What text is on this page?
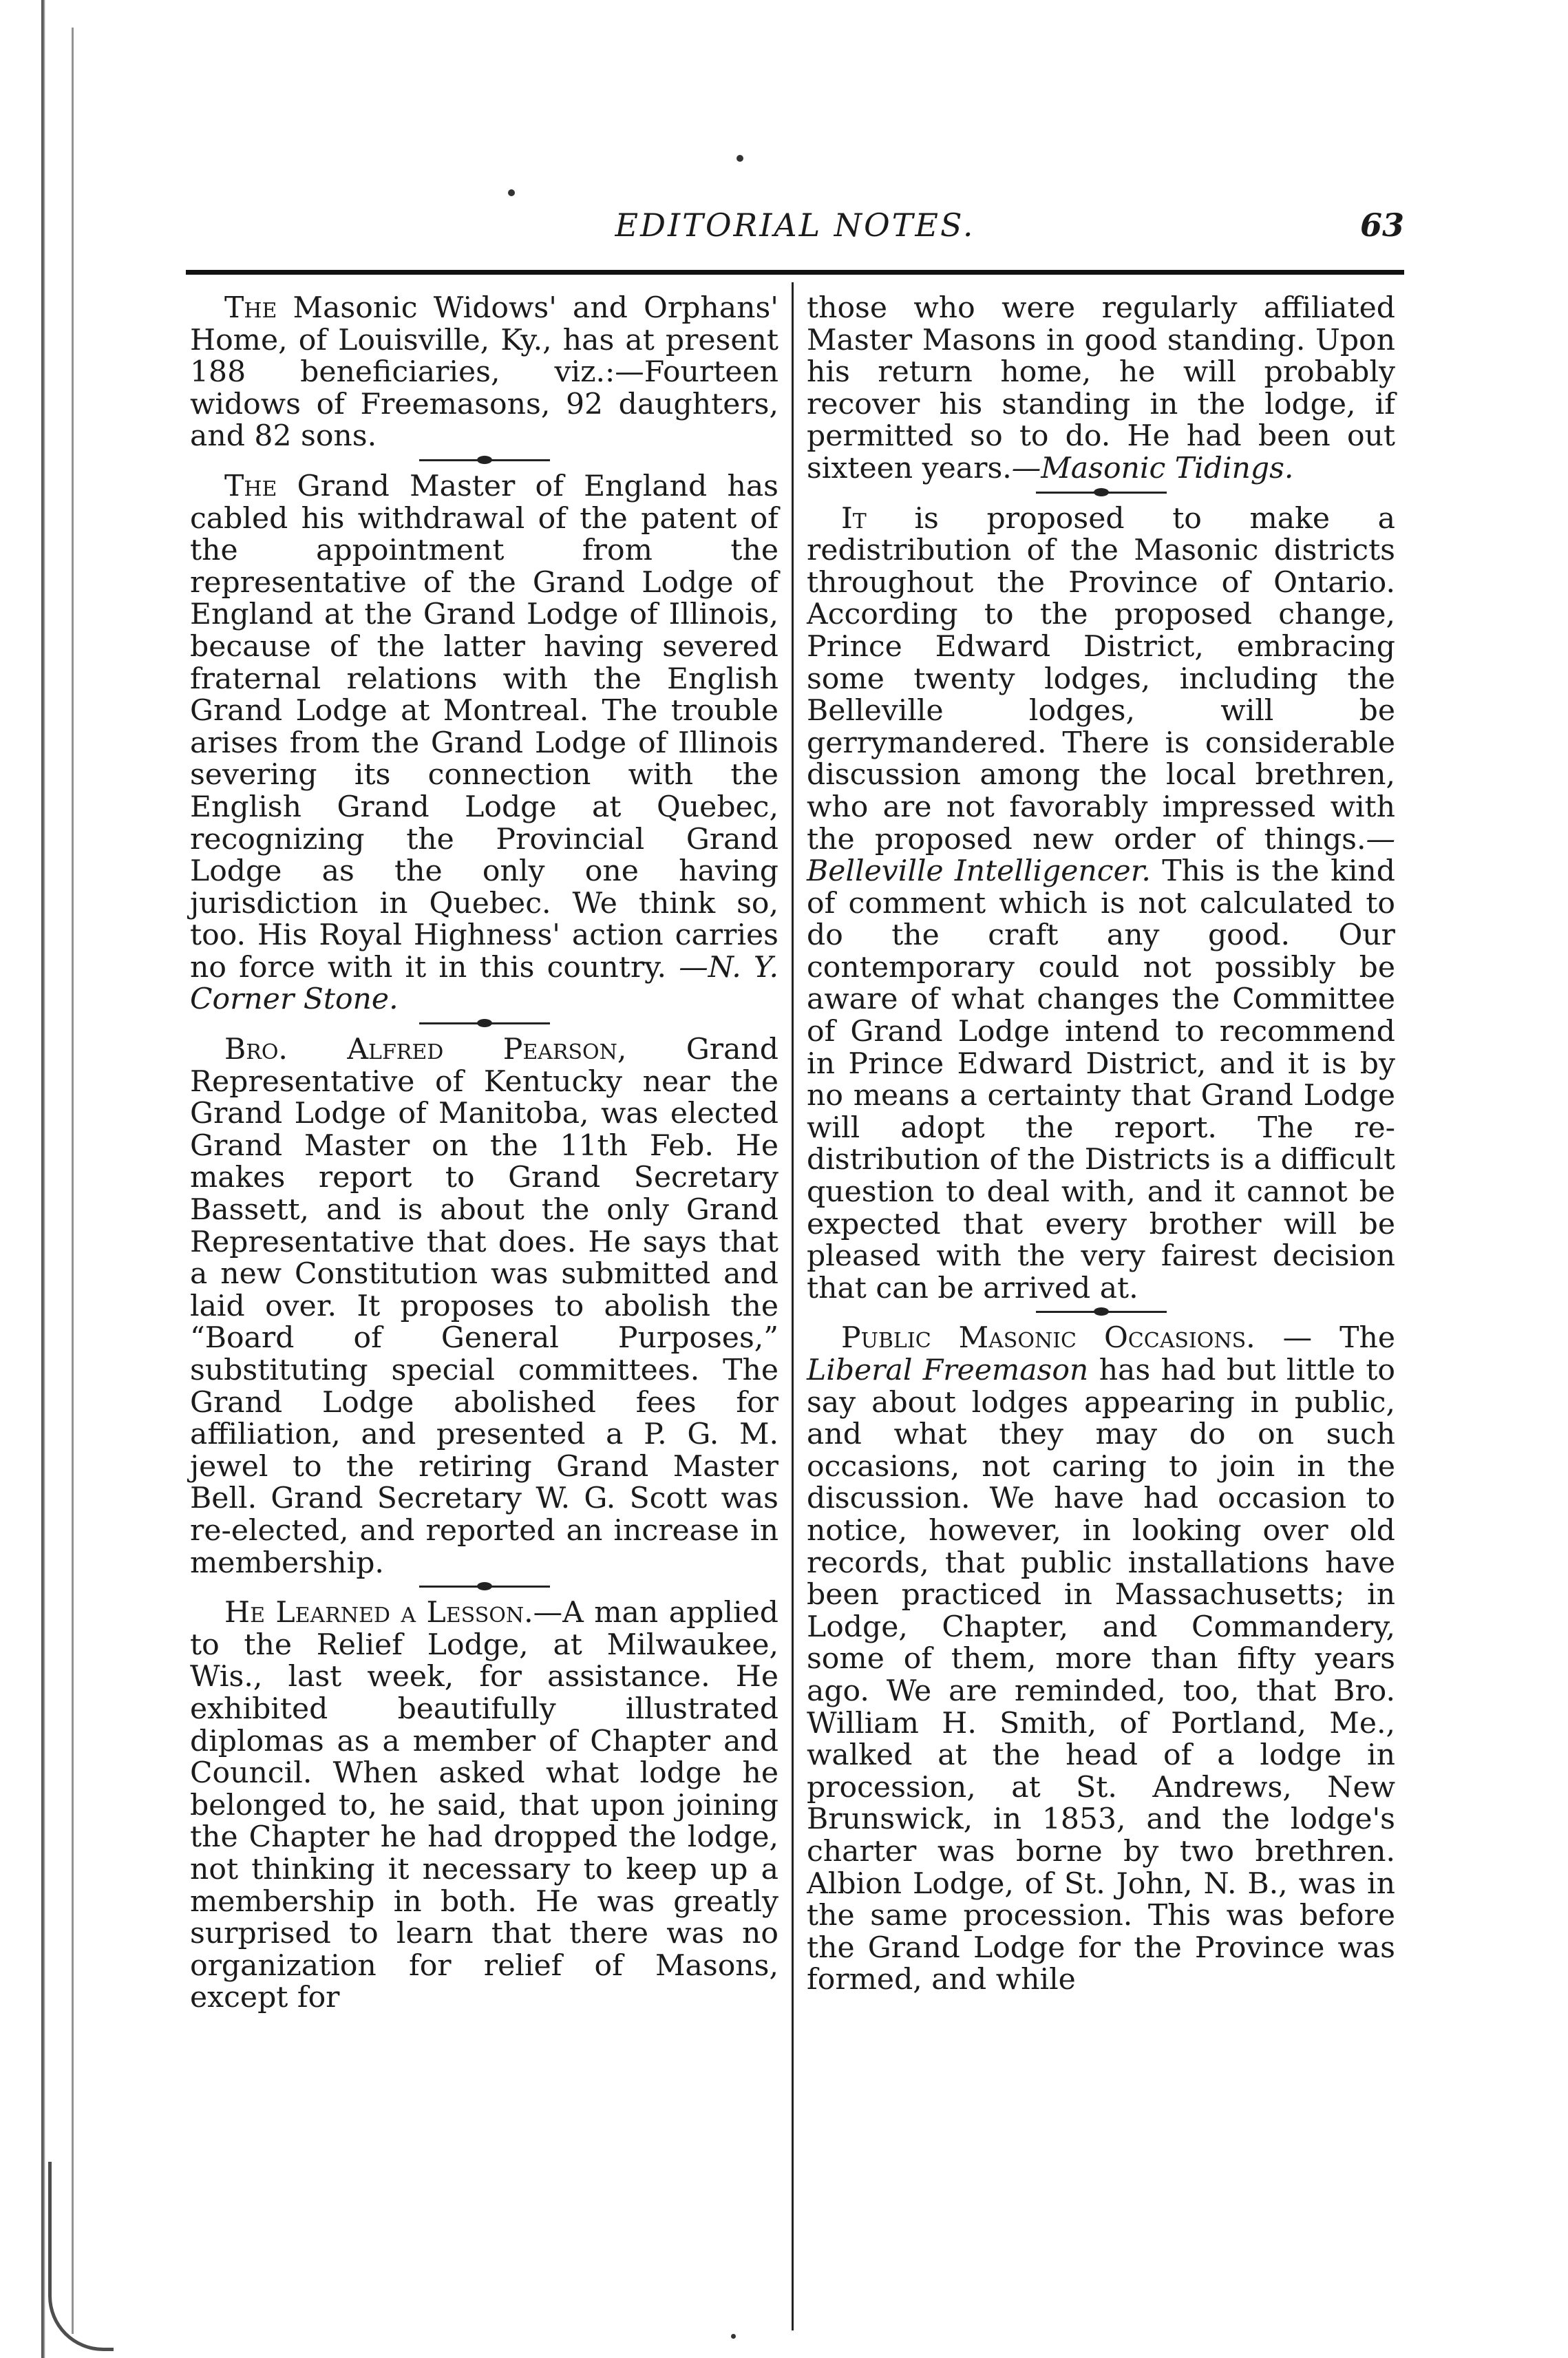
EDITORIAL NOTES.	63

The Masonic Widows' and Orphans' Home, of Louisville, Ky., has at present 188 beneficiaries, viz.:—Fourteen widows of Freemasons, 92 daughters, and 82 sons.

The Grand Master of England has cabled his withdrawal of the patent of the appointment from the representative of the Grand Lodge of England at the Grand Lodge of Illinois, because of the latter having severed fraternal relations with the English Grand Lodge at Montreal. The trouble arises from the Grand Lodge of Illinois severing its connection with the English Grand Lodge at Quebec, recognizing the Provincial Grand Lodge as the only one having jurisdiction in Quebec. We think so, too. His Royal Highness' action carries no force with it in this country. —N. Y. Corner Stone.

Bro. Alfred Pearson, Grand Representative of Kentucky near the Grand Lodge of Manitoba, was elected Grand Master on the 11th Feb. He makes report to Grand Secretary Bassett, and is about the only Grand Representative that does. He says that a new Constitution was submitted and laid over. It proposes to abolish the “Board of General Purposes,” substituting special committees. The Grand Lodge abolished fees for affiliation, and presented a P. G. M. jewel to the retiring Grand Master Bell. Grand Secretary W. G. Scott was re-elected, and reported an increase in membership.

He Learned a Lesson.—A man applied to the Relief Lodge, at Milwaukee, Wis., last week, for assistance. He exhibited beautifully illustrated diplomas as a member of Chapter and Council. When asked what lodge he belonged to, he said, that upon joining the Chapter he had dropped the lodge, not thinking it necessary to keep up a membership in both. He was greatly surprised to learn that there was no organization for relief of Masons, except for

those who were regularly affiliated Master Masons in good standing. Upon his return home, he will probably recover his standing in the lodge, if permitted so to do. He had been out sixteen years.—Masonic Tidings.

It is proposed to make a redistribution of the Masonic districts throughout the Province of Ontario. According to the proposed change, Prince Edward District, embracing some twenty lodges, including the Belleville lodges, will be gerrymandered. There is considerable discussion among the local brethren, who are not favorably impressed with the proposed new order of things.—Belleville Intelligencer. This is the kind of comment which is not calculated to do the craft any good. Our contemporary could not possibly be aware of what changes the Committee of Grand Lodge intend to recommend in Prince Edward District, and it is by no means a certainty that Grand Lodge will adopt the report. The re-distribution of the Districts is a difficult question to deal with, and it cannot be expected that every brother will be pleased with the very fairest decision that can be arrived at.

Public Masonic Occasions. — The Liberal Freemason has had but little to say about lodges appearing in public, and what they may do on such occasions, not caring to join in the discussion. We have had occasion to notice, however, in looking over old records, that public installations have been practiced in Massachusetts; in Lodge, Chapter, and Commandery, some of them, more than fifty years ago. We are reminded, too, that Bro. William H. Smith, of Portland, Me., walked at the head of a lodge in procession, at St. Andrews, New Brunswick, in 1853, and the lodge's charter was borne by two brethren. Albion Lodge, of St. John, N. B., was in the same procession. This was before the Grand Lodge for the Province was formed, and while
